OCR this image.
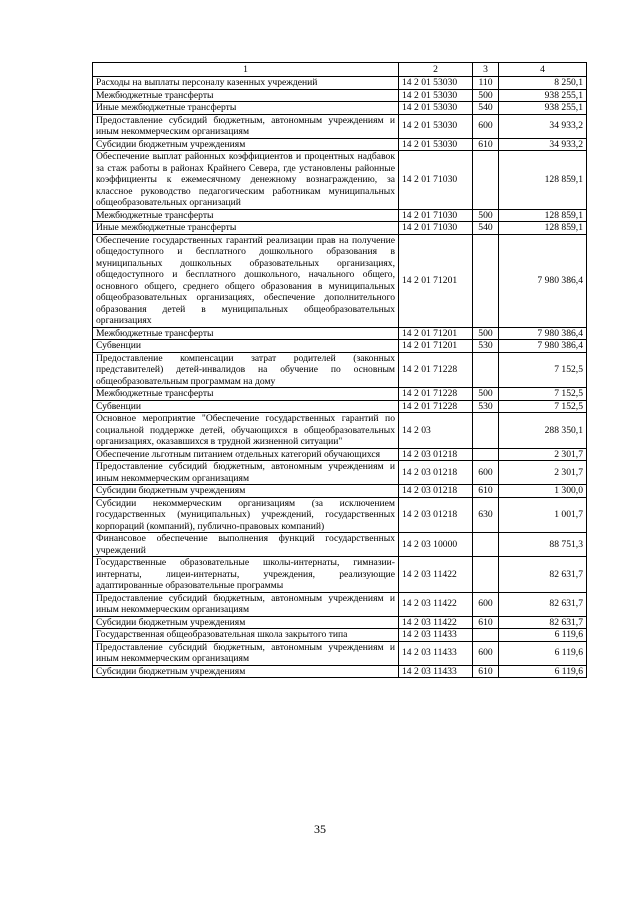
1	2	3	4
Расходы на выплаты персоналу казенных учреждений	14 2 01 53030	110	8 250,1
Межбюджетные трансферты	14 2 01 53030	500	938 255,1
Иные межбюджетные трансферты	14 2 01 53030	540	938 255,1
Предоставление субсидий бюджетным, автономным учреждениям и иным некоммерческим организациям	14 2 01 53030	600	34 933,2
Субсидии бюджетным учреждениям	14 2 01 53030	610	34 933,2
Обеспечение выплат районных коэффициентов и процентных надбавок за стаж работы в районах Крайнего Севера, где установлены районные коэффициенты к ежемесячному денежному вознаграждению, за классное руководство педагогическим работникам муниципальных общеобразовательных организаций	14 2 01 71030		128 859,1
Межбюджетные трансферты	14 2 01 71030	500	128 859,1
Иные межбюджетные трансферты	14 2 01 71030	540	128 859,1
Обеспечение государственных гарантий реализации прав на получение общедоступного и бесплатного дошкольного образования в муниципальных дошкольных образовательных организациях, общедоступного и бесплатного дошкольного, начального общего, основного общего, среднего общего образования в муниципальных общеобразовательных организациях, обеспечение дополнительного образования детей в муниципальных общеобразовательных организациях	14 2 01 71201		7 980 386,4
Межбюджетные трансферты	14 2 01 71201	500	7 980 386,4
Субвенции	14 2 01 71201	530	7 980 386,4
Предоставление компенсации затрат родителей (законных представителей) детей-инвалидов на обучение по основным общеобразовательным программам на дому	14 2 01 71228		7 152,5
Межбюджетные трансферты	14 2 01 71228	500	7 152,5
Субвенции	14 2 01 71228	530	7 152,5
Основное мероприятие "Обеспечение государственных гарантий по социальной поддержке детей, обучающихся в общеобразовательных организациях, оказавшихся в трудной жизненной ситуации"	14 2 03		288 350,1
Обеспечение льготным питанием отдельных категорий обучающихся	14 2 03 01218		2 301,7
Предоставление субсидий бюджетным, автономным учреждениям и иным некоммерческим организациям	14 2 03 01218	600	2 301,7
Субсидии бюджетным учреждениям	14 2 03 01218	610	1 300,0
Субсидии некоммерческим организациям (за исключением государственных (муниципальных) учреждений, государственных корпораций (компаний), публично-правовых компаний)	14 2 03 01218	630	1 001,7
Финансовое обеспечение выполнения функций государственных учреждений	14 2 03 10000		88 751,3
Государственные образовательные школы-интернаты, гимназии-интернаты, лицеи-интернаты, учреждения, реализующие адаптированные образовательные программы	14 2 03 11422		82 631,7
Предоставление субсидий бюджетным, автономным учреждениям и иным некоммерческим организациям	14 2 03 11422	600	82 631,7
Субсидии бюджетным учреждениям	14 2 03 11422	610	82 631,7
Государственная общеобразовательная школа закрытого типа	14 2 03 11433		6 119,6
Предоставление субсидий бюджетным, автономным учреждениям и иным некоммерческим организациям	14 2 03 11433	600	6 119,6
Субсидии бюджетным учреждениям	14 2 03 11433	610	6 119,6
35
